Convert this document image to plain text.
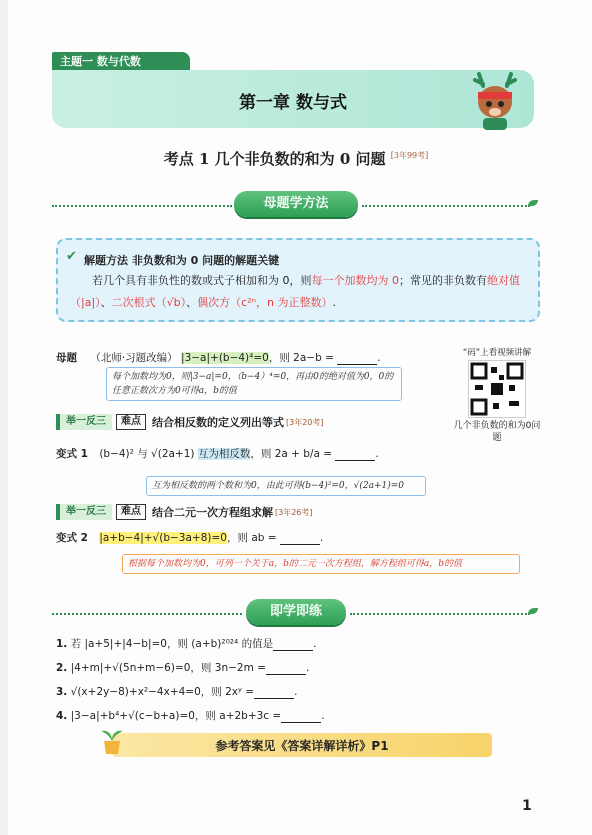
主题一 数与代数
第一章 数与式
考点 1 几个非负数的和为 0 问题 [3年99考]
母题学方法
✔ 解题方法 非负数和为 0 问题的解题关键
若几个具有非负性的数或式子相加和为 0，则每一个加数均为 0；常见的非负数有绝对值（|a|）、二次根式（√b）、偶次方（c²ⁿ，n 为正整数）.
母题 （北师·习题改编） |3−a|+(b−4)⁴=0，则 2a−b =	.
每个加数均为0，则|3−a|=0，（b−4）⁴=0，再由0的绝对值为0，0的任意正数次方为0可得a，b的值
“码”上看视频讲解
几个非负数的和为0问题
举一反三	难点	结合相反数的定义列出等式 [3年20考]
变式 1 (b−4)² 与 √(2a+1) 互为相反数，则 2a + b/a =	.
互为相反数的两个数和为0，由此可得(b−4)²=0，√(2a+1)=0
举一反三	难点	结合二元一次方程组求解 [3年26考]
变式 2 |a+b−4|+√(b−3a+8)=0，则 ab =	.
根据每个加数均为0，可列一个关于a，b的二元一次方程组，解方程组可得a，b的值
即学即练
1. 若 |a+5|+|4−b|=0，则 (a+b)²⁰²⁴ 的值是	.
2. |4+m|+√(5n+m−6)=0，则 3n−2m =	.
3. √(x+2y−8)+x²−4x+4=0，则 2xʸ =	.
4. |3−a|+b⁴+√(c−b+a)=0，则 a+2b+3c =	.
参考答案见《答案详解详析》P1
1
